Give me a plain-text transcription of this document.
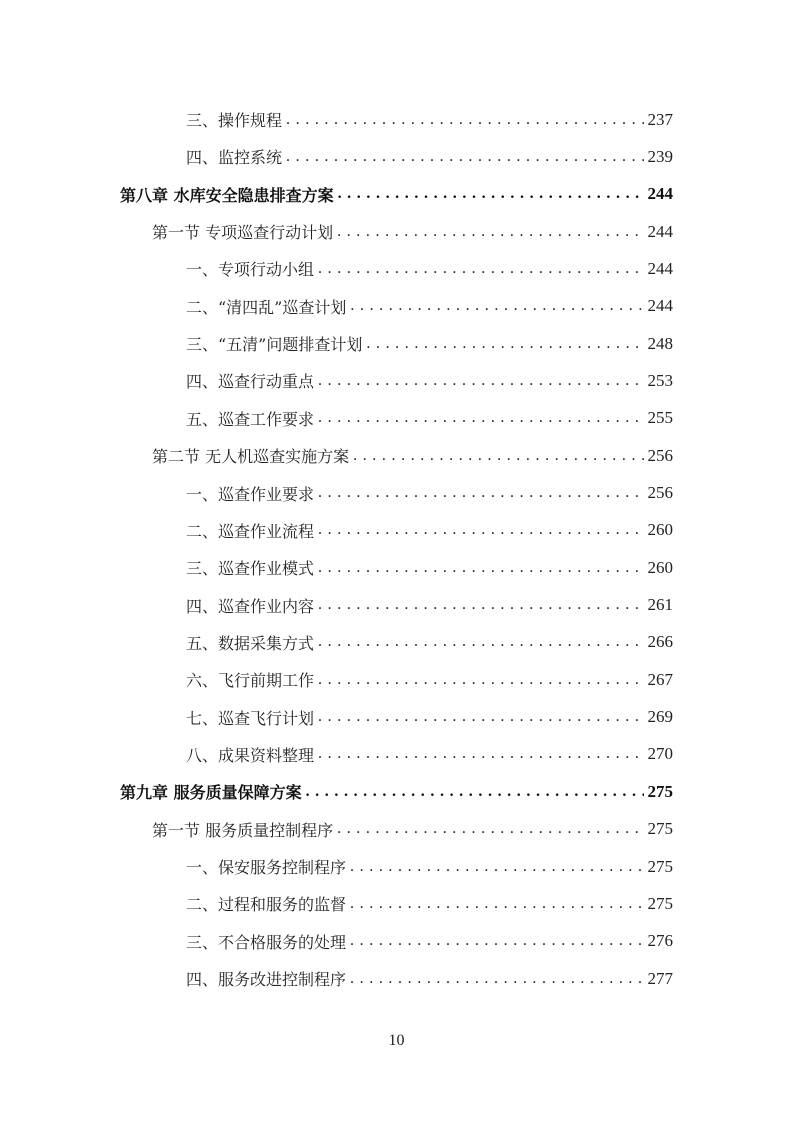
三、操作规程 . . .	237
四、监控系统 . . .	239
第八章 水库安全隐患排查方案 . . .	244
第一节 专项巡查行动计划 . . .	244
一、专项行动小组 . . .	244
二、“清四乱”巡查计划 . . .	244
三、“五清”问题排查计划 . . .	248
四、巡查行动重点 . . .	253
五、巡查工作要求 . . .	255
第二节 无人机巡查实施方案 . . .	256
一、巡查作业要求 . . .	256
二、巡查作业流程 . . .	260
三、巡查作业模式 . . .	260
四、巡查作业内容 . . .	261
五、数据采集方式 . . .	266
六、飞行前期工作 . . .	267
七、巡查飞行计划 . . .	269
八、成果资料整理 . . .	270
第九章 服务质量保障方案 . . .	275
第一节 服务质量控制程序 . . .	275
一、保安服务控制程序 . . .	275
二、过程和服务的监督 . . .	275
三、不合格服务的处理 . . .	276
四、服务改进控制程序 . . .	277
10
